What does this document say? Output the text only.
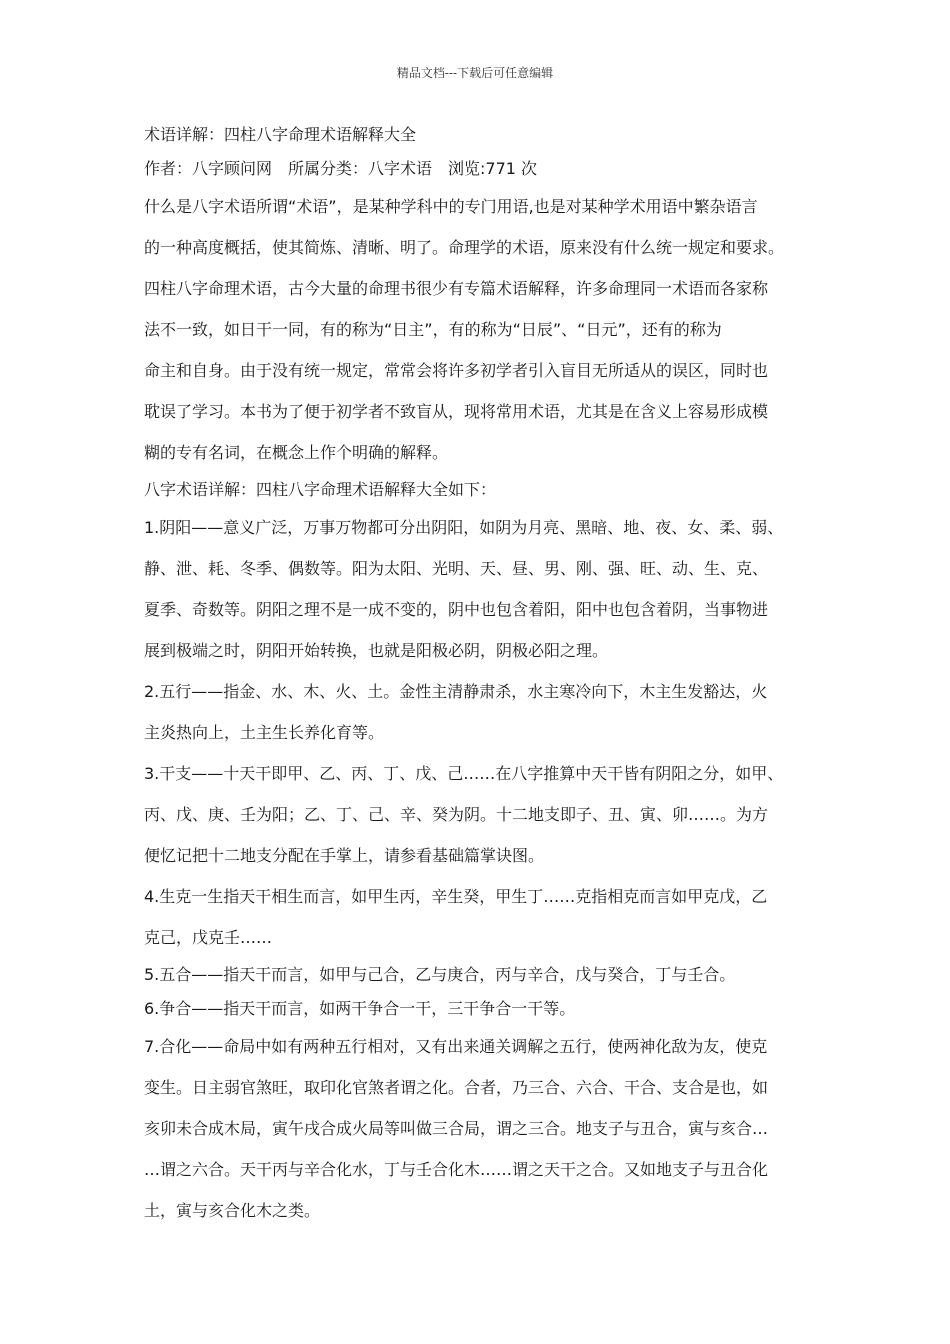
精品文档---下载后可任意编辑
术语详解：四柱八字命理术语解释大全
作者：八字顾问网 所属分类：八字术语 浏览:771 次
什么是八字术语所谓“术语”，是某种学科中的专门用语,也是对某种学术用语中繁杂语言
的一种高度概括，使其简炼、清晰、明了。命理学的术语，原来没有什么统一规定和要求。
四柱八字命理术语，古今大量的命理书很少有专篇术语解释，许多命理同一术语而各家称
法不一致，如日干一同，有的称为“日主”，有的称为“日辰”、“日元”，还有的称为
命主和自身。由于没有统一规定，常常会将许多初学者引入盲目无所适从的误区，同时也
耽误了学习。本书为了便于初学者不致盲从，现将常用术语，尤其是在含义上容易形成模
糊的专有名词，在概念上作个明确的解释。
八字术语详解：四柱八字命理术语解释大全如下：
1.阴阳——意义广泛，万事万物都可分出阴阳，如阴为月亮、黑暗、地、夜、女、柔、弱、
静、泄、耗、冬季、偶数等。阳为太阳、光明、天、昼、男、刚、强、旺、动、生、克、
夏季、奇数等。阴阳之理不是一成不变的，阴中也包含着阳，阳中也包含着阴，当事物进
展到极端之时，阴阳开始转换，也就是阳极必阴，阴极必阳之理。
2.五行——指金、水、木、火、土。金性主清静肃杀，水主寒冷向下，木主生发豁达，火
主炎热向上，土主生长养化育等。
3.干支——十天干即甲、乙、丙、丁、戊、己……在八字推算中天干皆有阴阳之分，如甲、
丙、戊、庚、壬为阳；乙、丁、己、辛、癸为阴。十二地支即子、丑、寅、卯……。为方
便忆记把十二地支分配在手掌上，请参看基础篇掌诀图。
4.生克一生指天干相生而言，如甲生丙，辛生癸，甲生丁……克指相克而言如甲克戊，乙
克己，戊克壬……
5.五合——指天干而言，如甲与己合，乙与庚合，丙与辛合，戊与癸合，丁与壬合。
6.争合——指天干而言，如两干争合一干，三干争合一干等。
7.合化——命局中如有两种五行相对，又有出来通关调解之五行，使两神化敌为友，使克
变生。日主弱官煞旺，取印化官煞者谓之化。合者，乃三合、六合、干合、支合是也，如
亥卯未合成木局，寅午戌合成火局等叫做三合局，谓之三合。地支子与丑合，寅与亥合…
…谓之六合。天干丙与辛合化水，丁与壬合化木……谓之天干之合。又如地支子与丑合化
土，寅与亥合化木之类。
